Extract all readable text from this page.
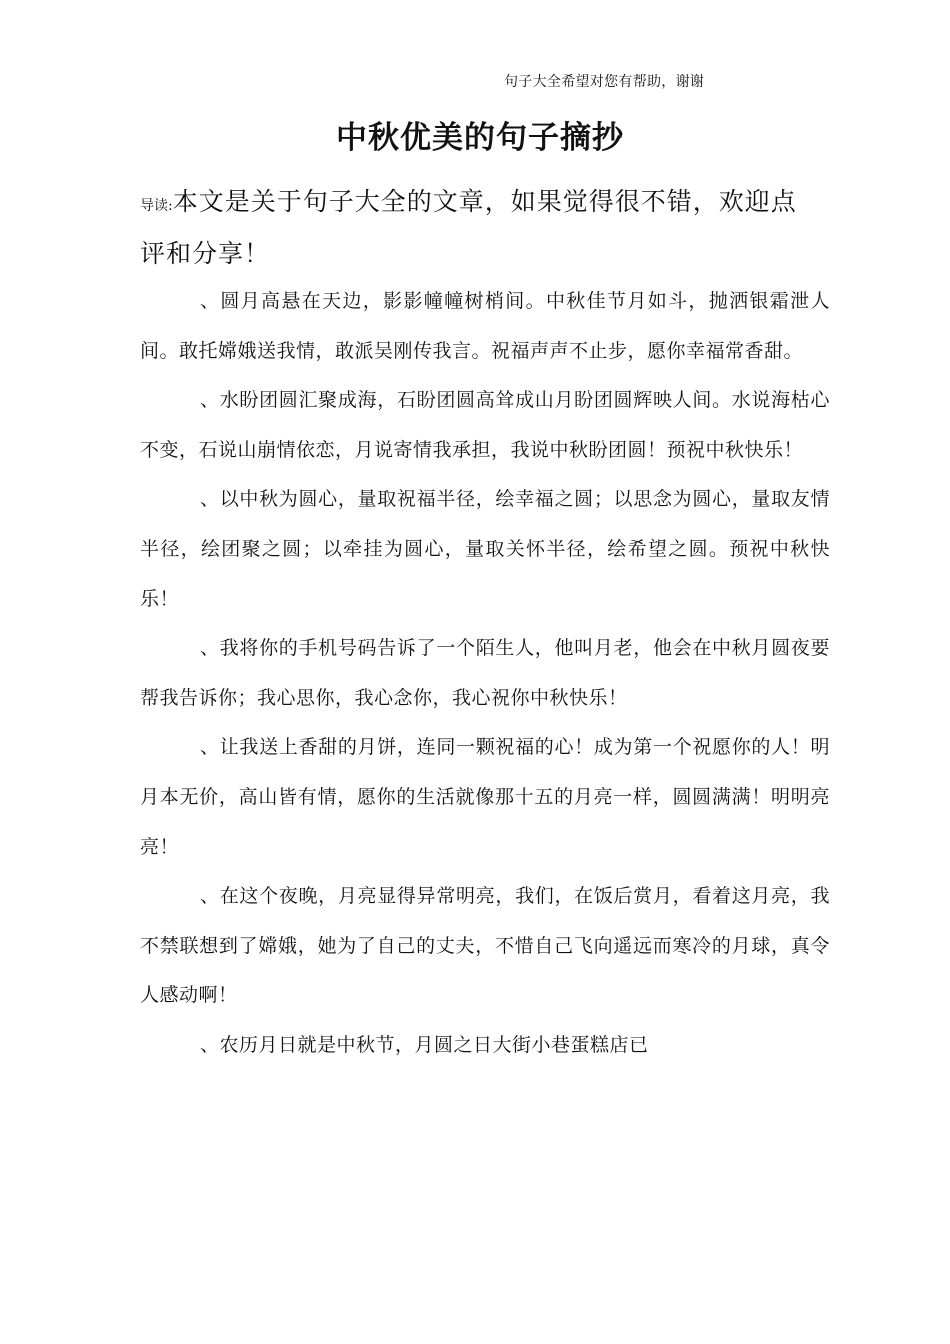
句子大全希望对您有帮助，谢谢
中秋优美的句子摘抄
导读:本文是关于句子大全的文章，如果觉得很不错，欢迎点评和分享！

、圆月高悬在天边，影影幢幢树梢间。中秋佳节月如斗，抛洒银霜泄人间。敢托嫦娥送我情，敢派吴刚传我言。祝福声声不止步，愿你幸福常香甜。

、水盼团圆汇聚成海，石盼团圆高耸成山月盼团圆辉映人间。水说海枯心不变，石说山崩情依恋，月说寄情我承担，我说中秋盼团圆！预祝中秋快乐！

、以中秋为圆心，量取祝福半径，绘幸福之圆；以思念为圆心，量取友情半径，绘团聚之圆；以牵挂为圆心，量取关怀半径，绘希望之圆。预祝中秋快乐！

、我将你的手机号码告诉了一个陌生人，他叫月老，他会在中秋月圆夜要帮我告诉你；我心思你，我心念你，我心祝你中秋快乐！

、让我送上香甜的月饼，连同一颗祝福的心！成为第一个祝愿你的人！明月本无价，高山皆有情，愿你的生活就像那十五的月亮一样，圆圆满满！明明亮亮！

、在这个夜晚，月亮显得异常明亮，我们，在饭后赏月，看着这月亮，我不禁联想到了嫦娥，她为了自己的丈夫，不惜自己飞向遥远而寒冷的月球，真令人感动啊！

、农历月日就是中秋节，月圆之日大街小巷蛋糕店已
